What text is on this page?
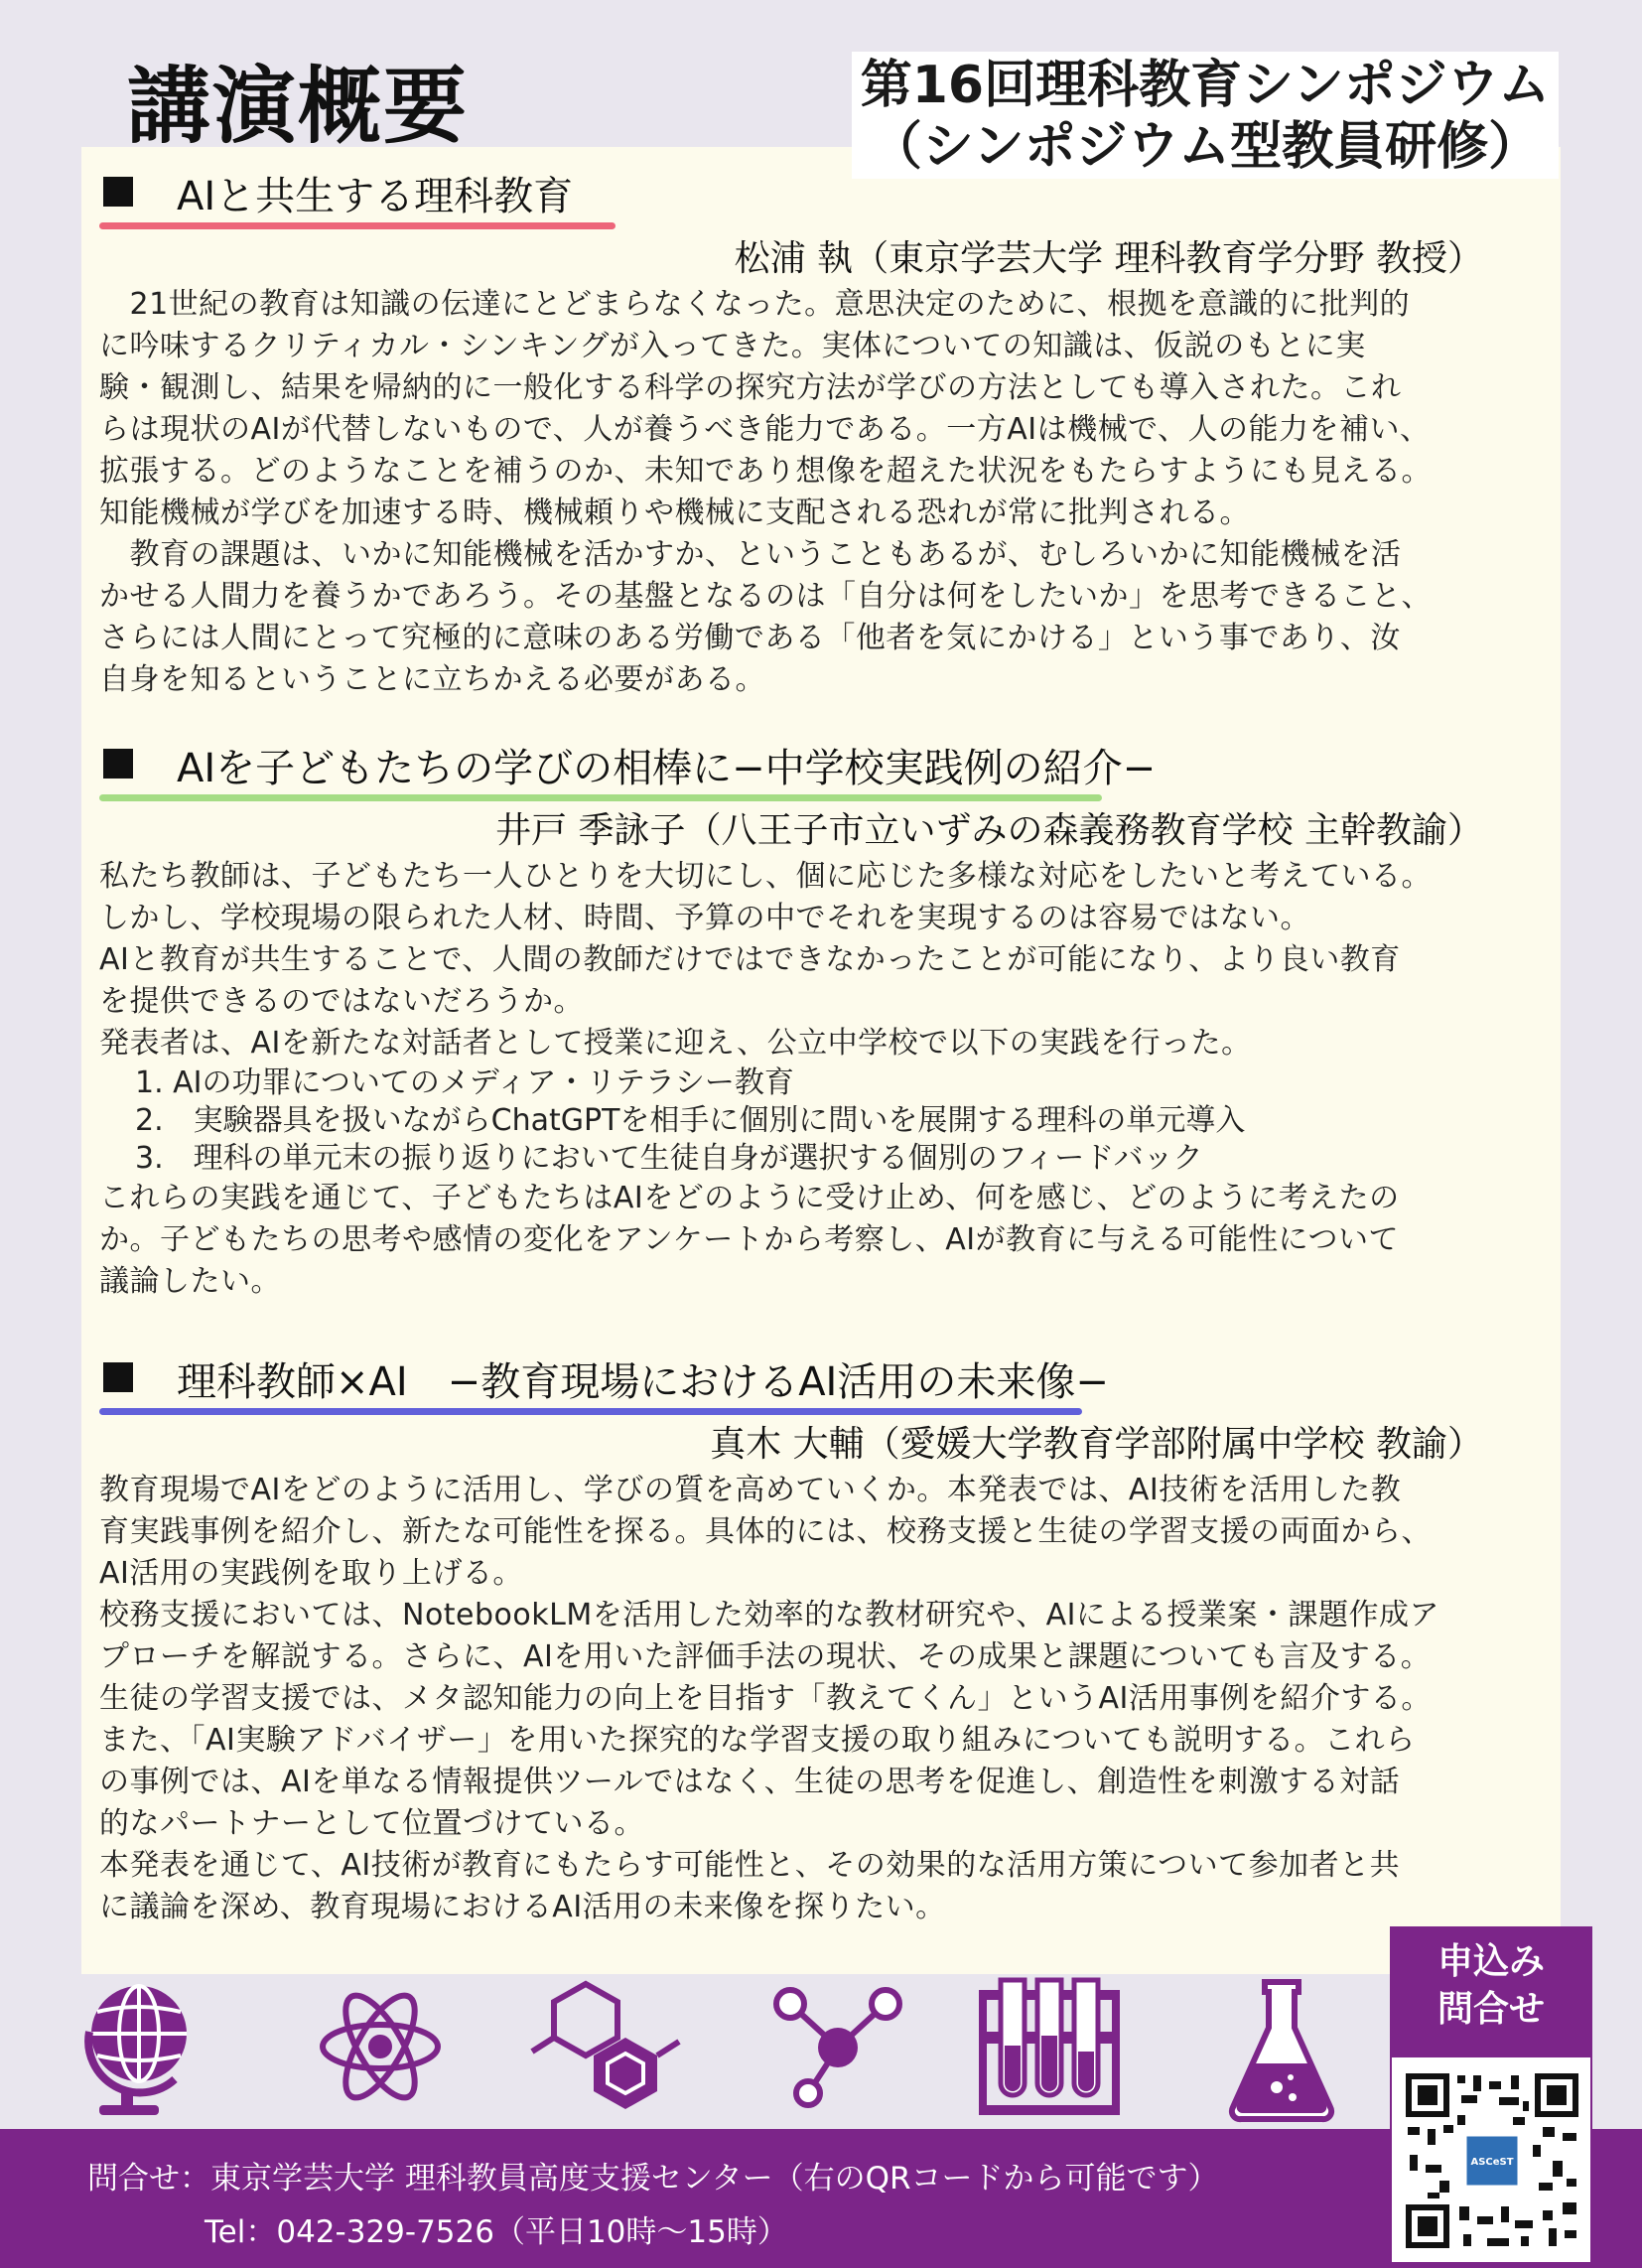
講演概要	第16回理科教育シンポジウム
（シンポジウム型教員研修）
AIと共生する理科教育
松浦 執（東京学芸大学 理科教育学分野 教授）

　21世紀の教育は知識の伝達にとどまらなくなった。意思決定のために、根拠を意識的に批判的

に吟味するクリティカル・シンキングが入ってきた。実体についての知識は、仮説のもとに実

験・観測し、結果を帰納的に一般化する科学の探究方法が学びの方法としても導入された。これ

らは現状のAIが代替しないもので、人が養うべき能力である。一方AIは機械で、人の能力を補い、

拡張する。どのようなことを補うのか、未知であり想像を超えた状況をもたらすようにも見える。

知能機械が学びを加速する時、機械頼りや機械に支配される恐れが常に批判される。

　教育の課題は、いかに知能機械を活かすか、ということもあるが、むしろいかに知能機械を活

かせる人間力を養うかであろう。その基盤となるのは「自分は何をしたいか」を思考できること、

さらには人間にとって究極的に意味のある労働である「他者を気にかける」という事であり、汝

自身を知るということに立ちかえる必要がある。

AIを子どもたちの学びの相棒に−中学校実践例の紹介−
井戸 季詠子（八王子市立いずみの森義務教育学校 主幹教諭）

私たち教師は、子どもたち一人ひとりを大切にし、個に応じた多様な対応をしたいと考えている。

しかし、学校現場の限られた人材、時間、予算の中でそれを実現するのは容易ではない。

AIと教育が共生することで、人間の教師だけではできなかったことが可能になり、より良い教育

を提供できるのではないだろうか。

発表者は、AIを新たな対話者として授業に迎え、公立中学校で以下の実践を行った。

1. AIの功罪についてのメディア・リテラシー教育
2.　実験器具を扱いながらChatGPTを相手に個別に問いを展開する理科の単元導入
3.　理科の単元末の振り返りにおいて生徒自身が選択する個別のフィードバック

これらの実践を通じて、子どもたちはAIをどのように受け止め、何を感じ、どのように考えたの

か。子どもたちの思考や感情の変化をアンケートから考察し、AIが教育に与える可能性について

議論したい。

理科教師×AI　−教育現場におけるAI活用の未来像−
真木 大輔（愛媛大学教育学部附属中学校 教諭）

教育現場でAIをどのように活用し、学びの質を高めていくか。本発表では、AI技術を活用した教

育実践事例を紹介し、新たな可能性を探る。具体的には、校務支援と生徒の学習支援の両面から、

AI活用の実践例を取り上げる。

校務支援においては、NotebookLMを活用した効率的な教材研究や、AIによる授業案・課題作成ア

プローチを解説する。さらに、AIを用いた評価手法の現状、その成果と課題についても言及する。

生徒の学習支援では、メタ認知能力の向上を目指す「教えてくん」というAI活用事例を紹介する。

また、｢AI実験アドバイザー」を用いた探究的な学習支援の取り組みについても説明する。これら

の事例では、AIを単なる情報提供ツールではなく、生徒の思考を促進し、創造性を刺激する対話

的なパートナーとして位置づけている。

本発表を通じて、AI技術が教育にもたらす可能性と、その効果的な活用方策について参加者と共

に議論を深め、教育現場におけるAI活用の未来像を探りたい。

問合せ：東京学芸大学 理科教員高度支援センター（右のQRコードから可能です）
Tel：042-329-7526（平日10時〜15時）
申込み
問合せ
ASCeST
